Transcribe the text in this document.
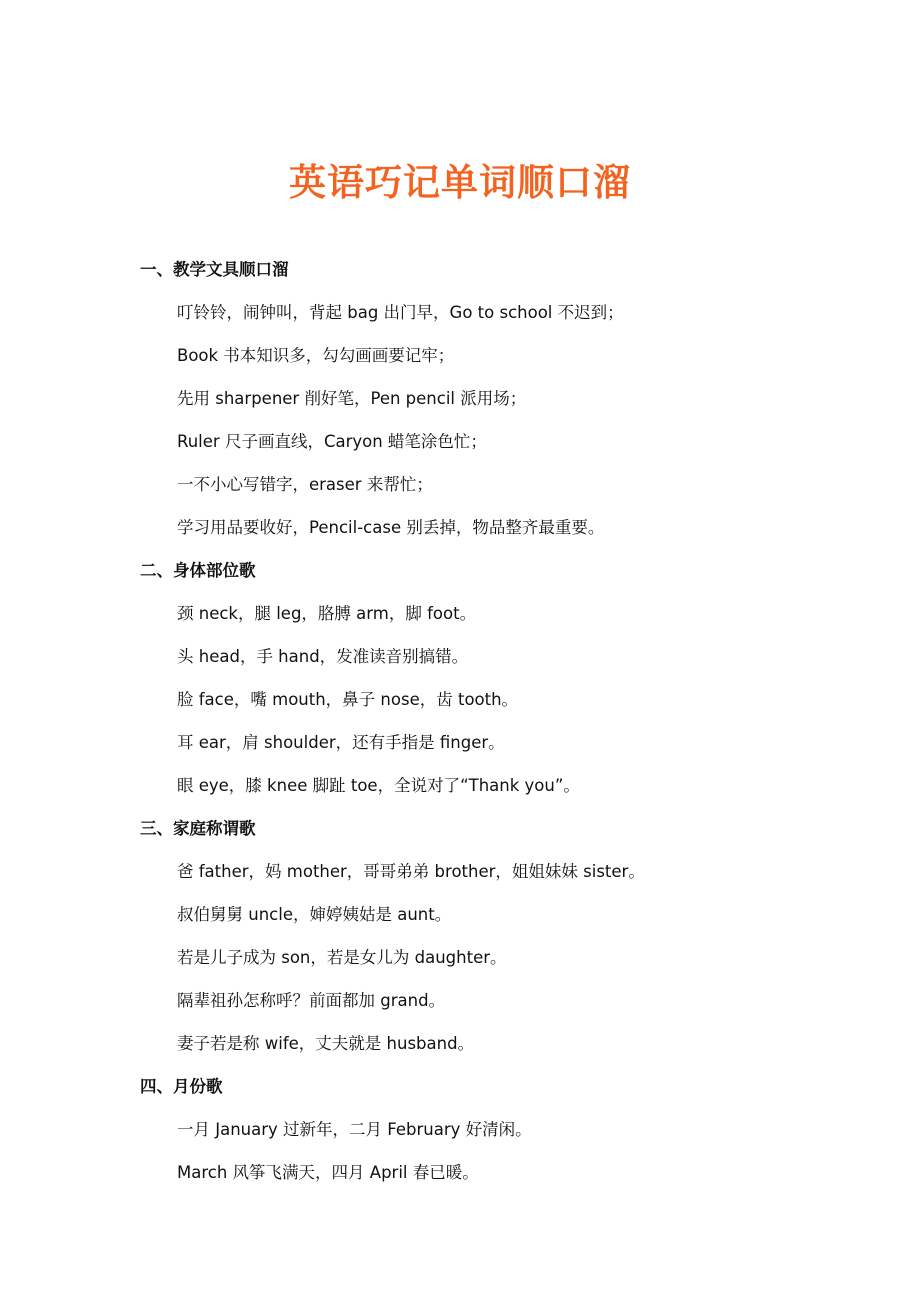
英语巧记单词顺口溜
一、教学文具顺口溜
叮铃铃，闹钟叫，背起 bag 出门早，Go to school 不迟到；
Book 书本知识多，勾勾画画要记牢；
先用 sharpener 削好笔，Pen pencil 派用场；
Ruler 尺子画直线，Caryon 蜡笔涂色忙；
一不小心写错字，eraser 来帮忙；
学习用品要收好，Pencil-case 别丢掉，物品整齐最重要。
二、身体部位歌
颈 neck，腿 leg，胳膊 arm，脚 foot。
头 head，手 hand，发准读音别搞错。
脸 face，嘴 mouth，鼻子 nose，齿 tooth。
耳 ear，肩 shoulder，还有手指是 finger。
眼 eye，膝 knee 脚趾 toe，全说对了“Thank you”。
三、家庭称谓歌
爸 father，妈 mother，哥哥弟弟 brother，姐姐妹妹 sister。
叔伯舅舅 uncle，婶婷姨姑是 aunt。
若是儿子成为 son，若是女儿为 daughter。
隔辈祖孙怎称呼？前面都加 grand。
妻子若是称 wife，丈夫就是 husband。
四、月份歌
一月 January 过新年，二月 February 好清闲。
March 风筝飞满天，四月 April 春已暖。
